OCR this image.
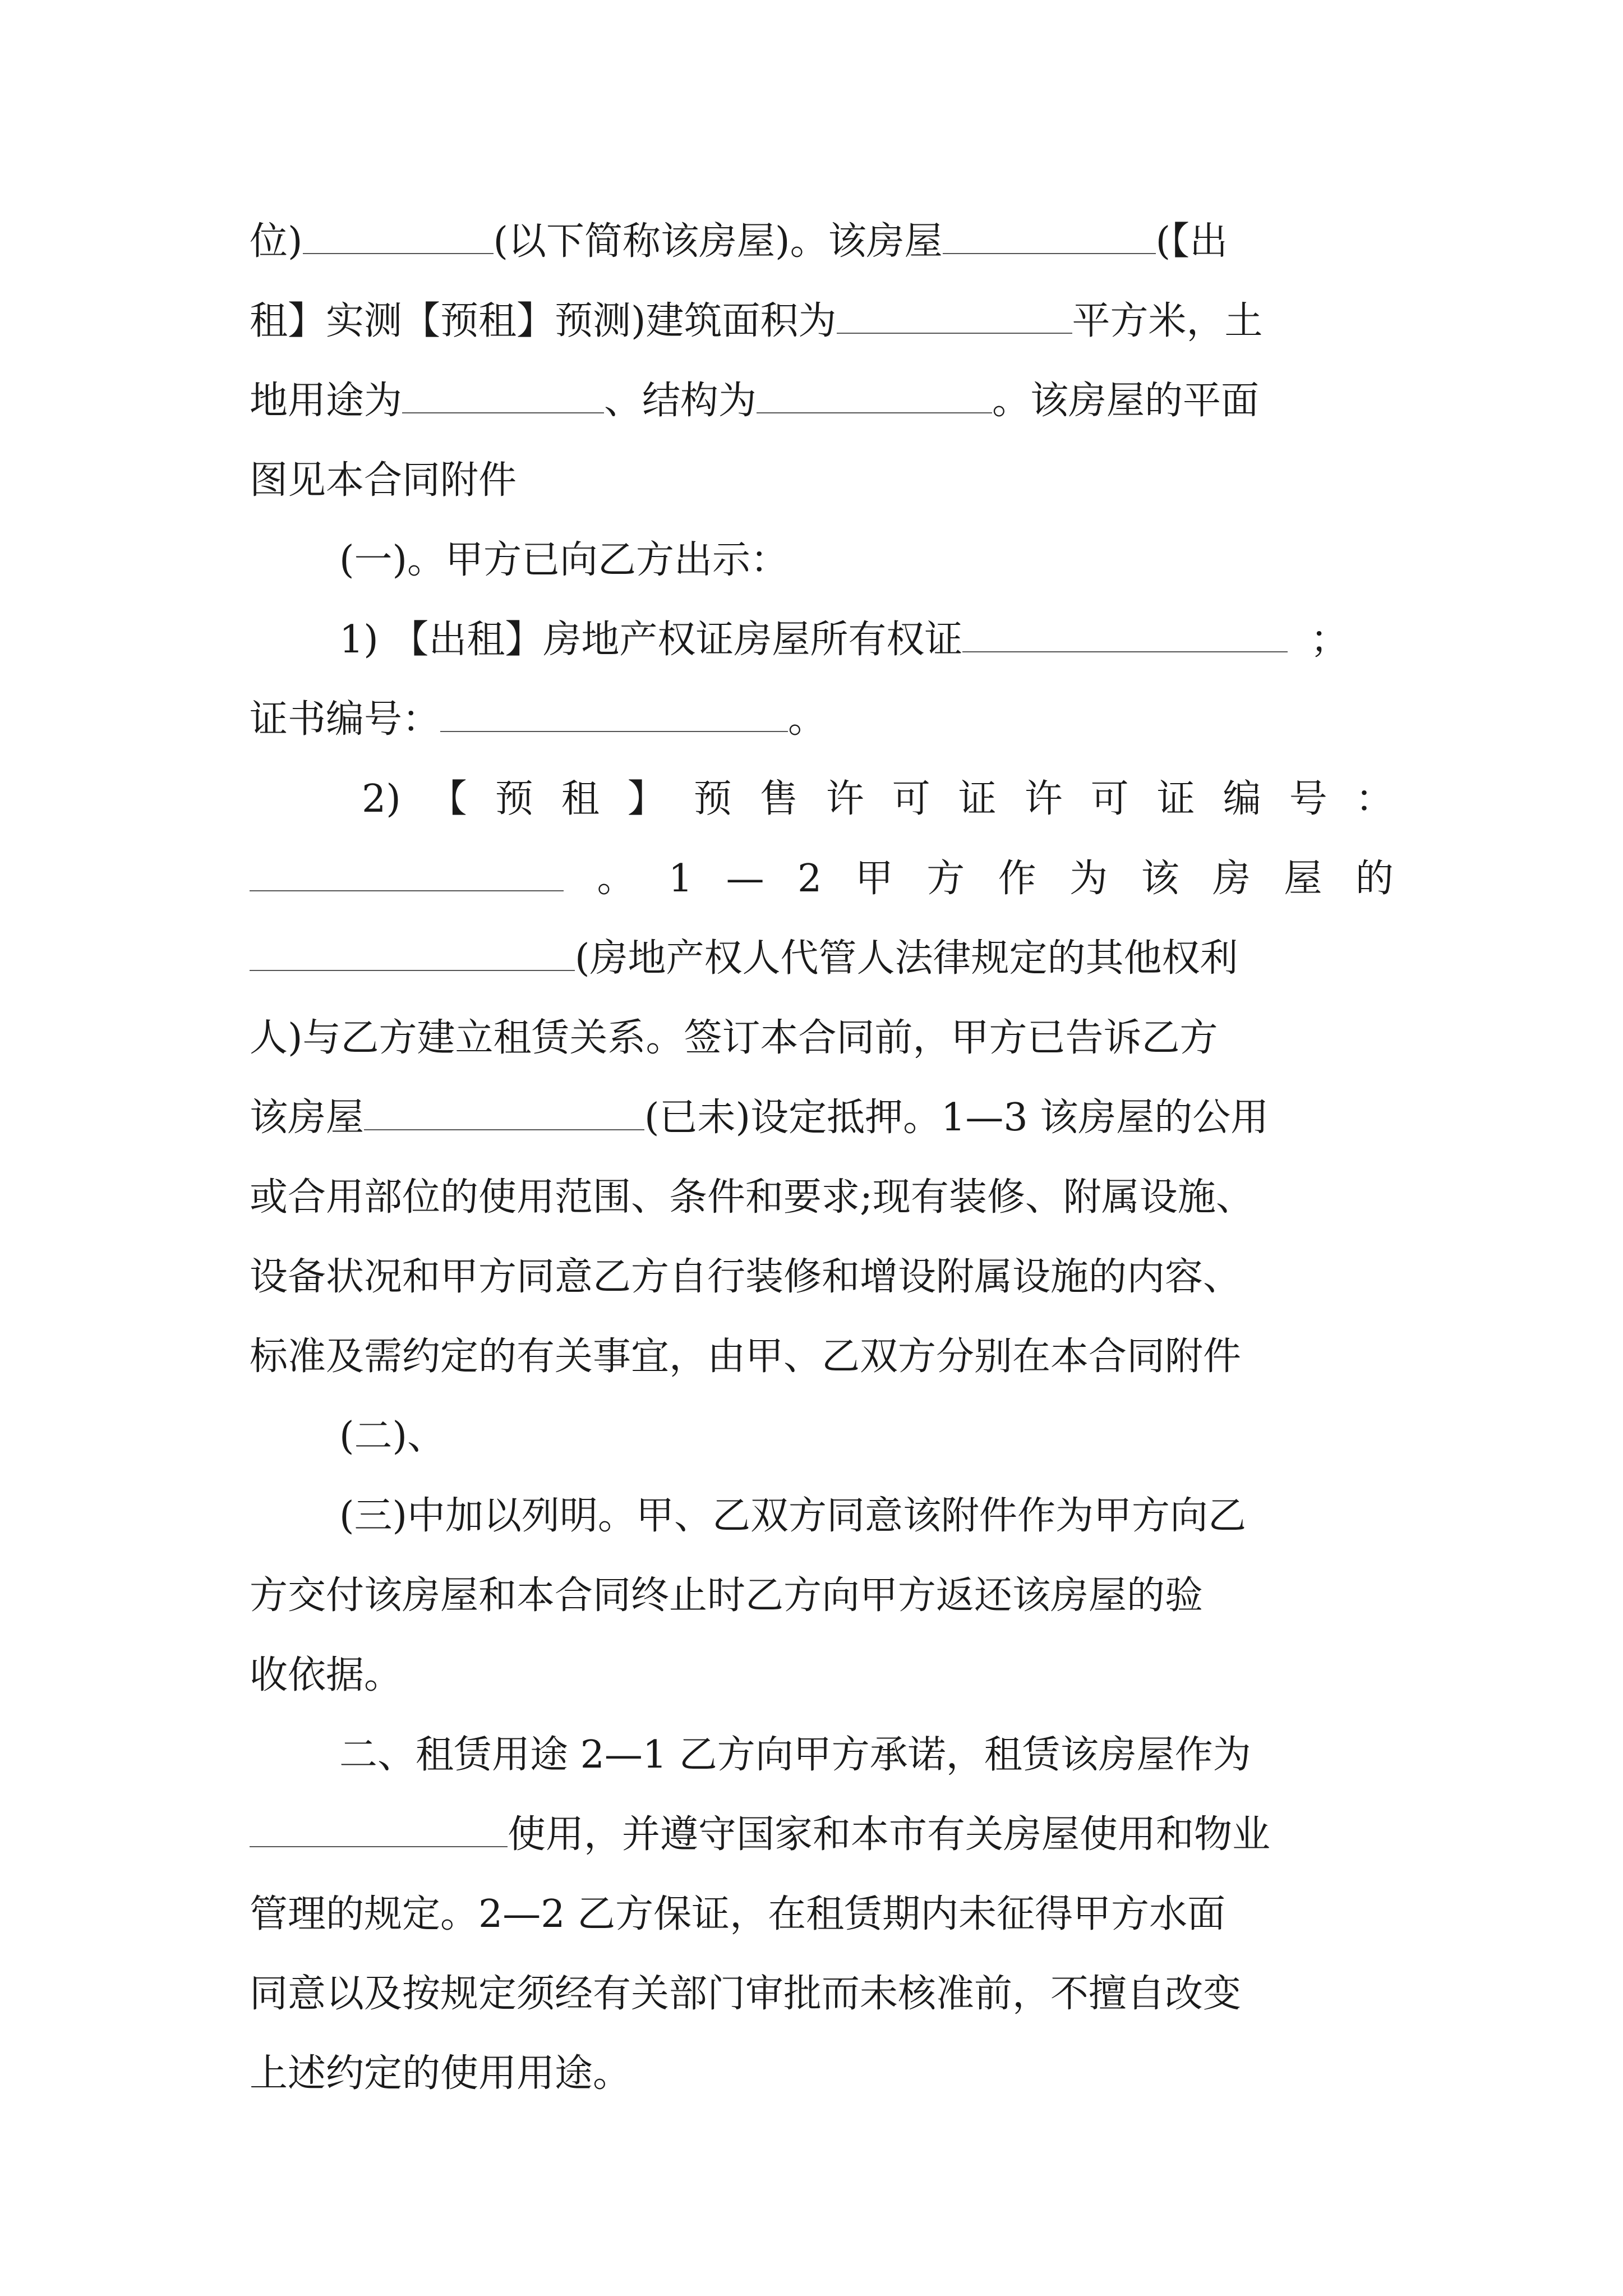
位)	(以下简称该房屋)。该房屋	(【出
租】实测【预租】预测)建筑面积为	平方米，土
地用途为	、结构为	。该房屋的平面
图见本合同附件
(一)。甲方已向乙方出示：
1) 【出租】房地产权证房屋所有权证	；
证书编号：	。
2) 【 预 租 】 预 售 许 可 证 许 可 证 编 号 ：
。 1 — 2 甲 方 作 为 该 房 屋 的
(房地产权人代管人法律规定的其他权利
人)与乙方建立租赁关系。签订本合同前，甲方已告诉乙方
该房屋	(已未)设定抵押。1—3 该房屋的公用
或合用部位的使用范围、条件和要求;现有装修、附属设施、
设备状况和甲方同意乙方自行装修和增设附属设施的内容、
标准及需约定的有关事宜，由甲、乙双方分别在本合同附件
(二)、
(三)中加以列明。甲、乙双方同意该附件作为甲方向乙
方交付该房屋和本合同终止时乙方向甲方返还该房屋的验
收依据。
二、租赁用途 2—1 乙方向甲方承诺，租赁该房屋作为
使用，并遵守国家和本市有关房屋使用和物业
管理的规定。2—2 乙方保证，在租赁期内未征得甲方水面
同意以及按规定须经有关部门审批而未核准前，不擅自改变
上述约定的使用用途。
